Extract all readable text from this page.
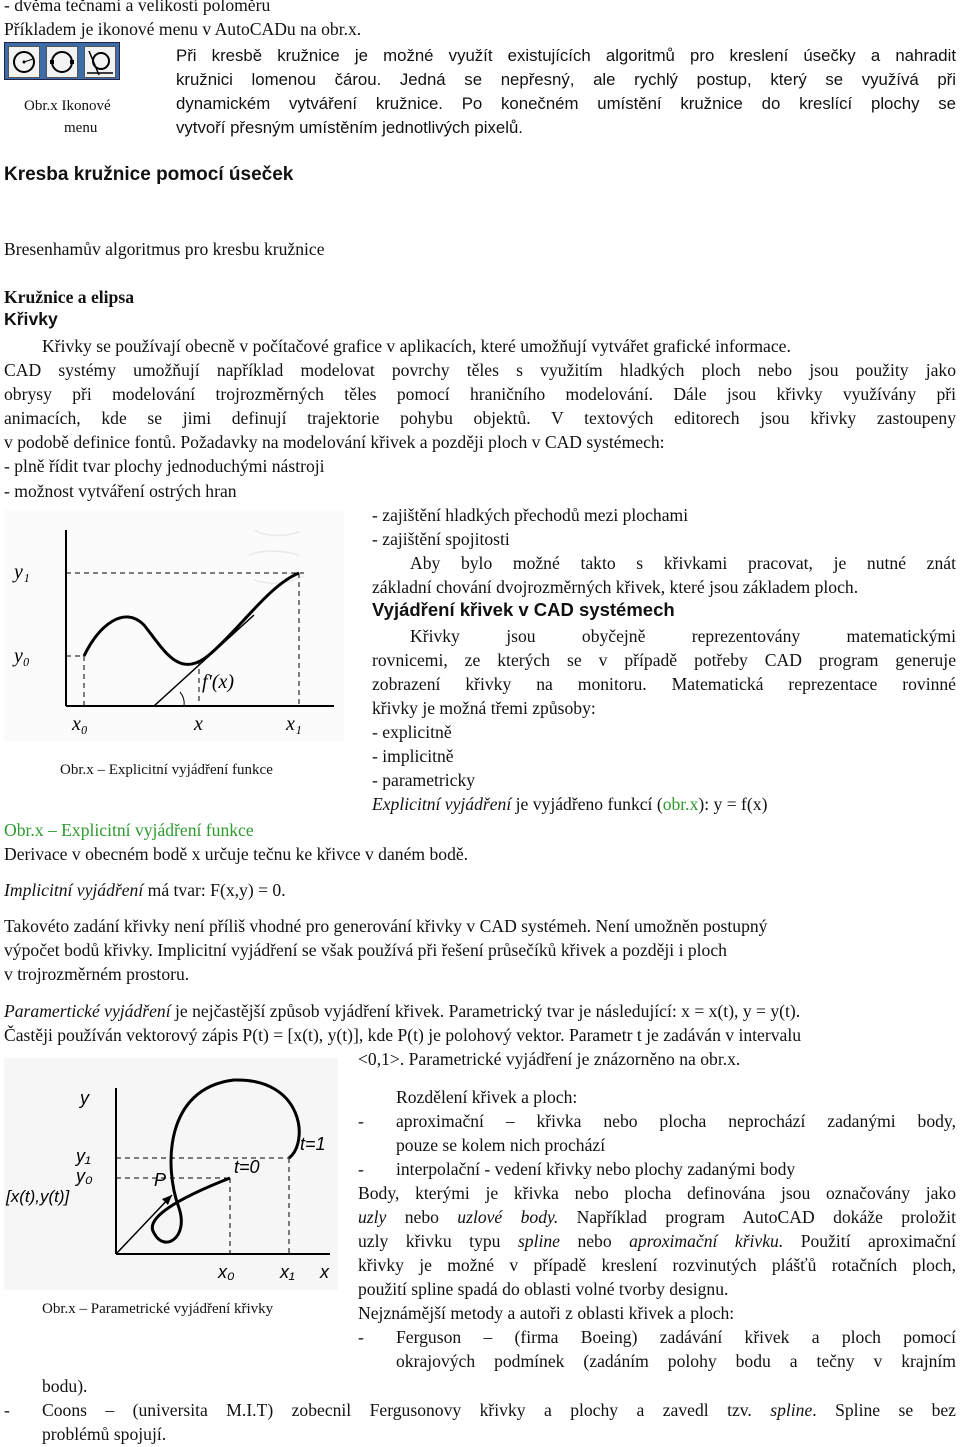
- dvěma tečnami a velikostí poloměru
Příkladem je ikonové menu v AutoCADu na obr.x.
Obr.x Ikonové
menu
Při kresbě kružnice je možné využít existujících algoritmů pro kreslení úsečky a nahradit
kružnici lomenou čárou. Jedná se nepřesný, ale rychlý postup, který se využívá při
dynamickém vytváření kružnice. Po konečném umístění kružnice do kreslící plochy se
vytvoří přesným umístěním jednotlivých pixelů.
Kresba kružnice pomocí úseček
Bresenhamův algoritmus pro kresbu kružnice
Kružnice a elipsa
Křivky
Křivky se používají obecně v počítačové grafice v aplikacích, které umožňují vytvářet grafické informace.
CAD systémy umožňují například modelovat povrchy těles s využitím hladkých ploch nebo jsou použity jako
obrysy při modelování trojrozměrných těles pomocí hraničního modelování. Dále jsou křivky využívány při
animacích, kde se jimi definují trajektorie pohybu objektů. V textových editorech jsou křivky zastoupeny
v podobě definice fontů. Požadavky na modelování křivek a později ploch v CAD systémech:
- plně řídit tvar plochy jednoduchými nástroji
- možnost vytváření ostrých hran
- zajištění hladkých přechodů mezi plochami
- zajištění spojitosti
Aby bylo možné takto s křivkami pracovat, je nutné znát
základní chování dvojrozměrných křivek, které jsou základem ploch.
Vyjádření křivek v CAD systémech
Křivky jsou obyčejně reprezentovány matematickými
rovnicemi, ze kterých se v případě potřeby CAD program generuje
zobrazení křivky na monitoru. Matematická reprezentace rovinné
křivky je možná třemi způsoby:
- explicitně
- implicitně
- parametricky
Explicitní vyjádření je vyjádřeno funkcí (obr.x): y = f(x)
y₁
y₀
f'(x)
x₀	x	x₁
Obr.x – Explicitní vyjádření funkce
Obr.x – Explicitní vyjádření funkce
Derivace v obecném bodě x určuje tečnu ke křivce v daném bodě.
Implicitní vyjádření má tvar: F(x,y) = 0.
Takovéto zadání křivky není příliš vhodné pro generování křivky v CAD systémeh. Není umožněn postupný
výpočet bodů křivky. Implicitní vyjádření se však používá při řešení průsečíků křivek a později i ploch
v trojrozměrném prostoru.
Paramertické vyjádření je nejčastější způsob vyjádření křivek. Parametrický tvar je následující: x = x(t), y = y(t).
Častěji používán vektorový zápis P(t) = [x(t), y(t)], kde P(t) je polohový vektor. Parametr t je zadáván v intervalu
<0,1>. Parametrické vyjádření je znázorněno na obr.x.
y
y₁
y₀
t=1
t=0
P
[x(t),y(t)]
x₀	x₁ x
Obr.x – Parametrické vyjádření křivky
Rozdělení křivek a ploch:
- aproximační – křivka nebo plocha neprochází zadanými body,
pouze se kolem nich prochází
- interpolační - vedení křivky nebo plochy zadanými body
Body, kterými je křivka nebo plocha definována jsou označovány jako
uzly nebo uzlové body. Například program AutoCAD dokáže proložit
uzly křivku typu spline nebo aproximační křivku. Použití aproximační
křivky je možné v případě kreslení rozvinutých plášťů rotačních ploch,
použití spline spadá do oblasti volné tvorby designu.
Nejznámější metody a autoři z oblasti křivek a ploch:
- Ferguson – (firma Boeing) zadávání křivek a ploch pomocí
okrajových podmínek (zadáním polohy bodu a tečny v krajním
bodu).
- Coons – (universita M.I.T) zobecnil Fergusonovy křivky a plochy a zavedl tzv. spline. Spline se bez
problémů spojují.
